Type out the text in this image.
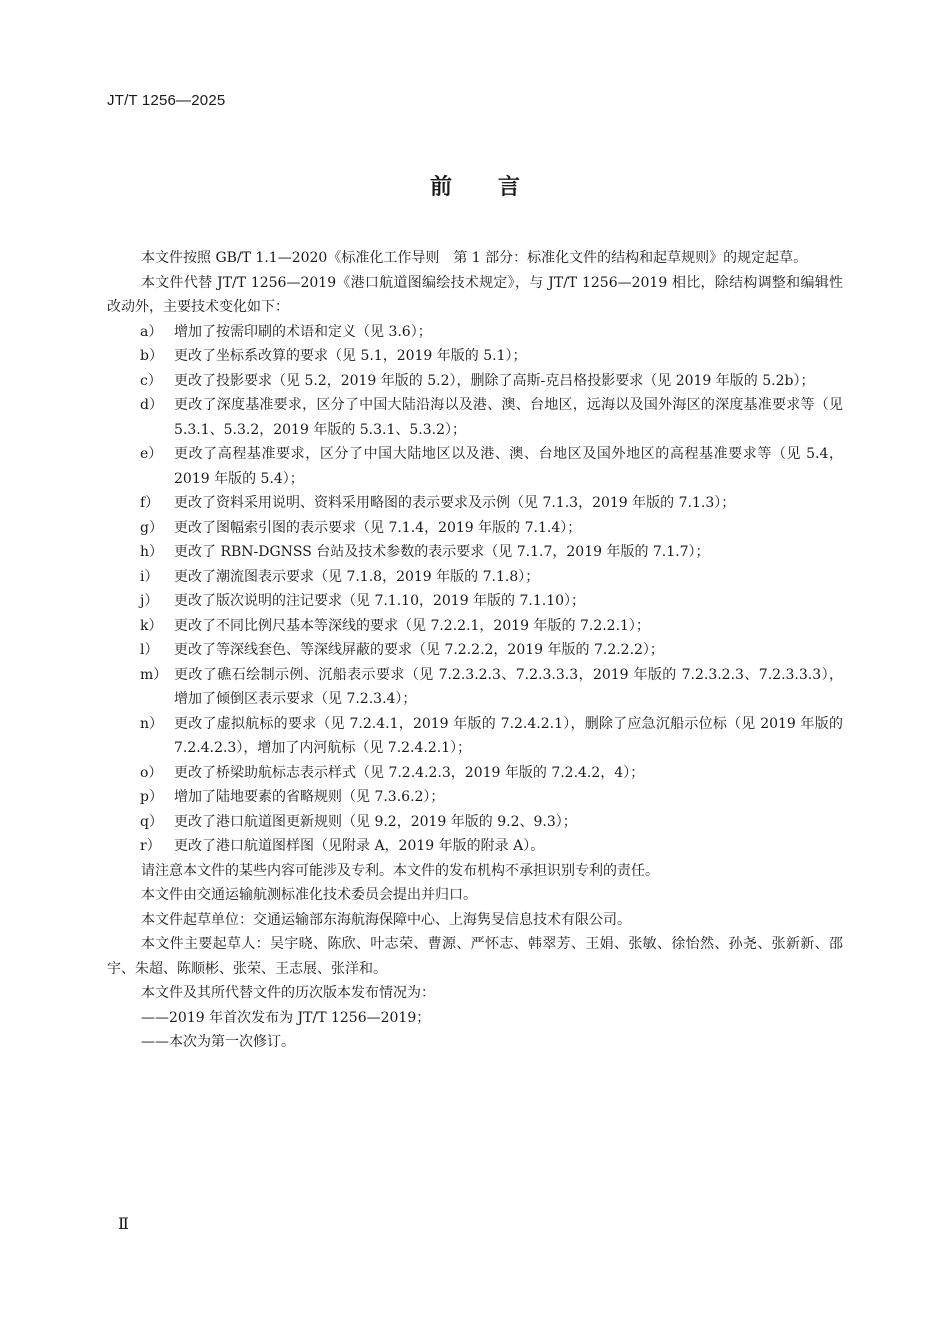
JT/T 1256—2025
前言

本文件按照 GB/T 1.1—2020《标准化工作导则　第 1 部分：标准化文件的结构和起草规则》的规定起草。

本文件代替 JT/T 1256—2019《港口航道图编绘技术规定》，与 JT/T 1256—2019 相比，除结构调整和编辑性改动外，主要技术变化如下：

a） 增加了按需印刷的术语和定义（见 3.6）；
b） 更改了坐标系改算的要求（见 5.1，2019 年版的 5.1）；
c） 更改了投影要求（见 5.2，2019 年版的 5.2），删除了高斯-克吕格投影要求（见 2019 年版的 5.2b）；
d） 更改了深度基准要求，区分了中国大陆沿海以及港、澳、台地区，远海以及国外海区的深度基准要求等（见 5.3.1、5.3.2，2019 年版的 5.3.1、5.3.2）；
e） 更改了高程基准要求，区分了中国大陆地区以及港、澳、台地区及国外地区的高程基准要求等（见 5.4，2019 年版的 5.4）；
f）	更改了资料采用说明、资料采用略图的表示要求及示例（见 7.1.3，2019 年版的 7.1.3）；
g） 更改了图幅索引图的表示要求（见 7.1.4，2019 年版的 7.1.4）；
h） 更改了 RBN-DGNSS 台站及技术参数的表示要求（见 7.1.7，2019 年版的 7.1.7）；
i）	更改了潮流图表示要求（见 7.1.8，2019 年版的 7.1.8）；
j）	更改了版次说明的注记要求（见 7.1.10，2019 年版的 7.1.10）；
k） 更改了不同比例尺基本等深线的要求（见 7.2.2.1，2019 年版的 7.2.2.1）；
l）	更改了等深线套色、等深线屏蔽的要求（见 7.2.2.2，2019 年版的 7.2.2.2）；
m） 更改了礁石绘制示例、沉船表示要求（见 7.2.3.2.3、7.2.3.3.3，2019 年版的 7.2.3.2.3、7.2.3.3.3），增加了倾倒区表示要求（见 7.2.3.4）；
n） 更改了虚拟航标的要求（见 7.2.4.1，2019 年版的 7.2.4.2.1），删除了应急沉船示位标（见 2019 年版的 7.2.4.2.3），增加了内河航标（见 7.2.4.2.1）；
o） 更改了桥梁助航标志表示样式（见 7.2.4.2.3，2019 年版的 7.2.4.2，4）；
p） 增加了陆地要素的省略规则（见 7.3.6.2）；
q） 更改了港口航道图更新规则（见 9.2，2019 年版的 9.2、9.3）；
r） 更改了港口航道图样图（见附录 A，2019 年版的附录 A）。

请注意本文件的某些内容可能涉及专利。本文件的发布机构不承担识别专利的责任。

本文件由交通运输航测标准化技术委员会提出并归口。

本文件起草单位：交通运输部东海航海保障中心、上海隽旻信息技术有限公司。

本文件主要起草人：吴宇晓、陈欣、叶志荣、曹源、严怀志、韩翠芳、王娟、张敏、徐怡然、孙尧、张新新、邵宇、朱超、陈顺彬、张荣、王志展、张洋和。

本文件及其所代替文件的历次版本发布情况为：

——2019 年首次发布为 JT/T 1256—2019；

——本次为第一次修订。

Ⅱ
